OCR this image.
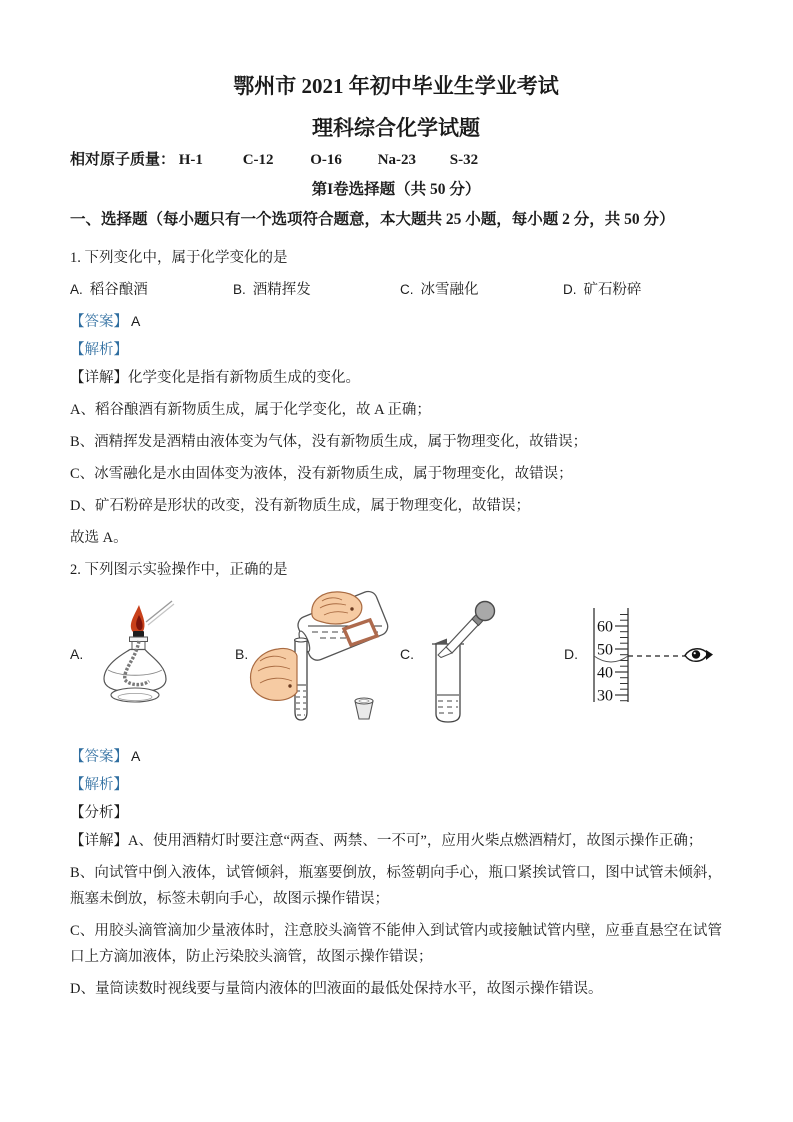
鄂州市 2021 年初中毕业生学业考试
理科综合化学试题

相对原子质量： H-1	C-12 O-16 Na-23 S-32

第I卷选择题（共 50 分）

一、选择题（每小题只有一个选项符合题意，本大题共 25 小题，每小题 2 分，共 50 分）

1. 下列变化中，属于化学变化的是

A. 稻谷酿酒	B. 酒精挥发	C. 冰雪融化	D. 矿石粉碎

【答案】 A

【解析】

【详解】化学变化是指有新物质生成的变化。

A、稻谷酿酒有新物质生成，属于化学变化，故 A 正确；

B、酒精挥发是酒精由液体变为气体，没有新物质生成，属于物理变化，故错误；

C、冰雪融化是水由固体变为液体，没有新物质生成，属于物理变化，故错误；

D、矿石粉碎是形状的改变，没有新物质生成，属于物理变化，故错误；

故选 A。

2. 下列图示实验操作中，正确的是

A.	B.	C.	D.
60
50
40
30

【答案】 A

【解析】

【分析】

【详解】A、使用酒精灯时要注意“两查、两禁、一不可”，应用火柴点燃酒精灯，故图示操作正确；

B、向试管中倒入液体，试管倾斜，瓶塞要倒放，标签朝向手心，瓶口紧挨试管口，图中试管未倾斜，瓶塞未倒放，标签未朝向手心，故图示操作错误；

C、用胶头滴管滴加少量液体时，注意胶头滴管不能伸入到试管内或接触试管内壁，应垂直悬空在试管口上方滴加液体，防止污染胶头滴管，故图示操作错误；

D、量筒读数时视线要与量筒内液体的凹液面的最低处保持水平，故图示操作错误。
